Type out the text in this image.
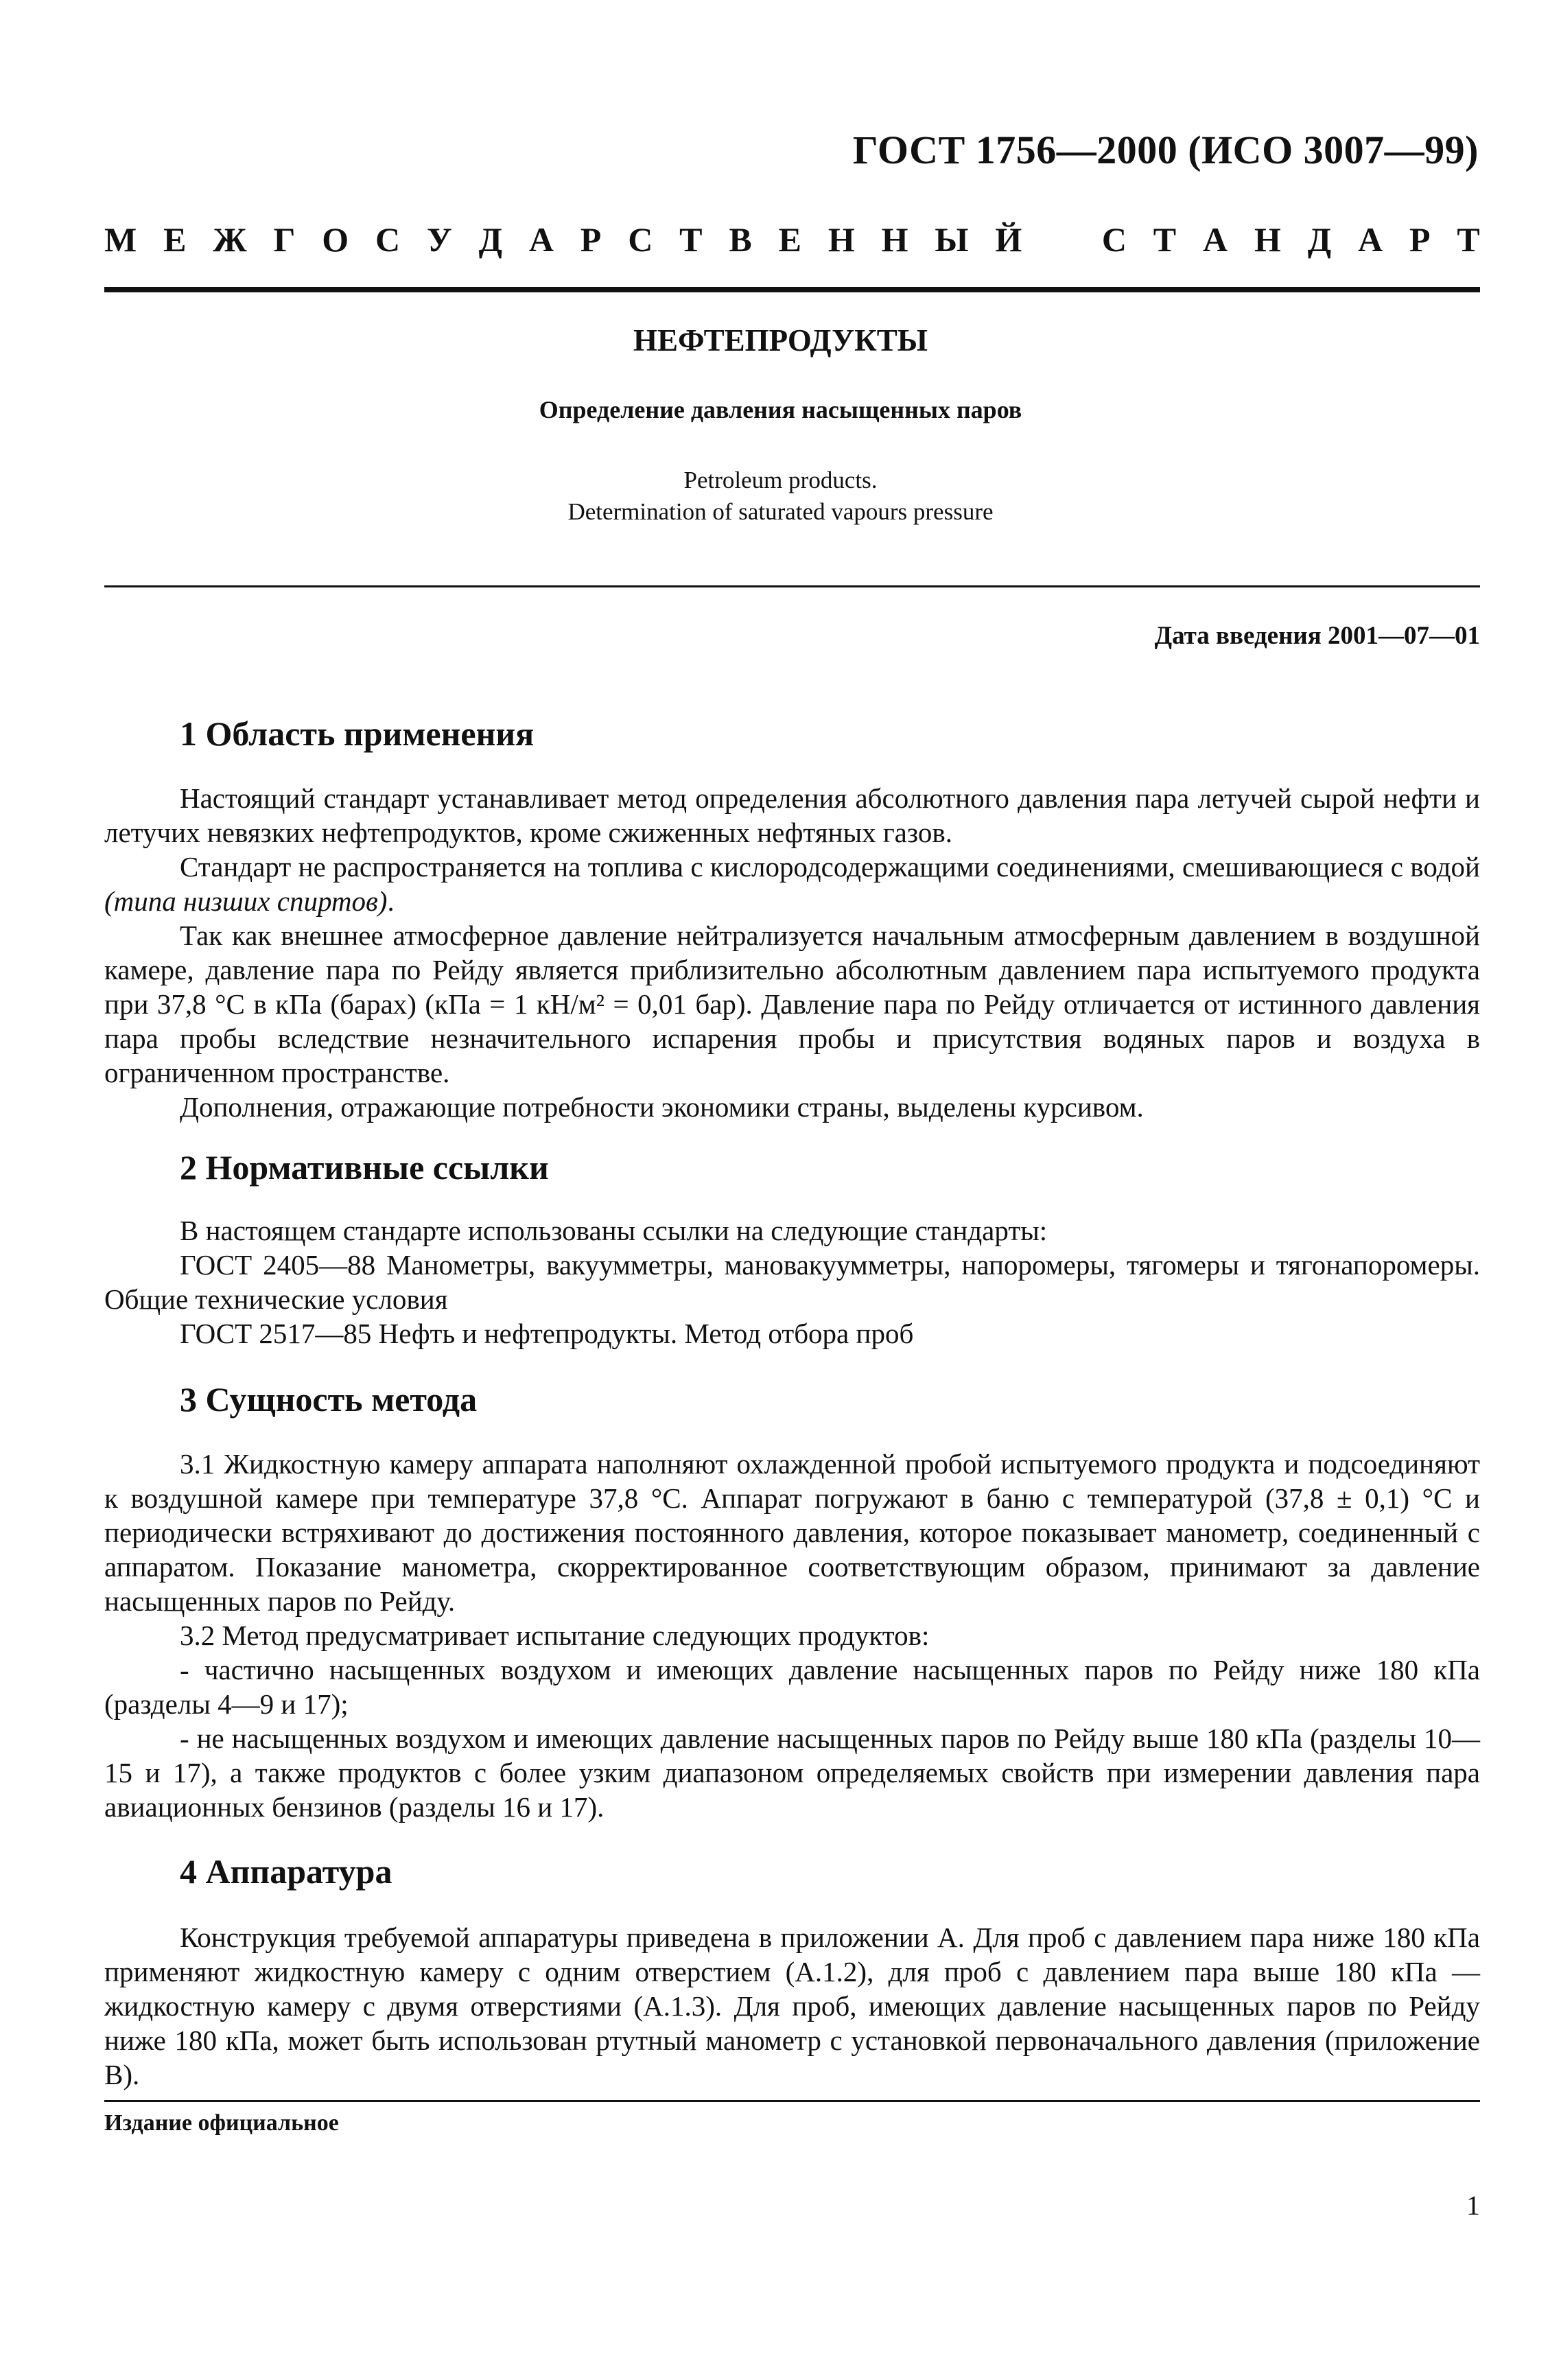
ГОСТ 1756—2000 (ИСО 3007—99)
М Е Ж Г О С У Д А Р С Т В Е Н Н Ы Й С Т А Н Д А Р Т
НЕФТЕПРОДУКТЫ
Определение давления насыщенных паров
Petroleum products.
Determination of saturated vapours pressure
Дата введения 2001—07—01
1 Область применения

Настоящий стандарт устанавливает метод определения абсолютного давления пара летучей сырой нефти и летучих невязких нефтепродуктов, кроме сжиженных нефтяных газов.

Стандарт не распространяется на топлива с кислородсодержащими соединениями, смешивающиеся с водой (типа низших спиртов).

Так как внешнее атмосферное давление нейтрализуется начальным атмосферным давлением в воздушной камере, давление пара по Рейду является приблизительно абсолютным давлением пара испытуемого продукта при 37,8 °C в кПа (барах) (кПа = 1 кН/м² = 0,01 бар). Давление пара по Рейду отличается от истинного давления пара пробы вследствие незначительного испарения пробы и присутствия водяных паров и воздуха в ограниченном пространстве.

Дополнения, отражающие потребности экономики страны, выделены курсивом.

2 Нормативные ссылки

В настоящем стандарте использованы ссылки на следующие стандарты:

ГОСТ 2405—88 Манометры, вакуумметры, мановакуумметры, напоромеры, тягомеры и тягонапоромеры. Общие технические условия

ГОСТ 2517—85 Нефть и нефтепродукты. Метод отбора проб

3 Сущность метода

3.1 Жидкостную камеру аппарата наполняют охлажденной пробой испытуемого продукта и подсоединяют к воздушной камере при температуре 37,8 °C. Аппарат погружают в баню с температурой (37,8 ± 0,1) °C и периодически встряхивают до достижения постоянного давления, которое показывает манометр, соединенный с аппаратом. Показание манометра, скорректированное соответствующим образом, принимают за давление насыщенных паров по Рейду.

3.2 Метод предусматривает испытание следующих продуктов:

- частично насыщенных воздухом и имеющих давление насыщенных паров по Рейду ниже 180 кПа (разделы 4—9 и 17);

- не насыщенных воздухом и имеющих давление насыщенных паров по Рейду выше 180 кПа (разделы 10—15 и 17), а также продуктов с более узким диапазоном определяемых свойств при измерении давления пара авиационных бензинов (разделы 16 и 17).

4 Аппаратура

Конструкция требуемой аппаратуры приведена в приложении А. Для проб с давлением пара ниже 180 кПа применяют жидкостную камеру с одним отверстием (А.1.2), для проб с давлением пара выше 180 кПа — жидкостную камеру с двумя отверстиями (А.1.3). Для проб, имеющих давление насыщенных паров по Рейду ниже 180 кПа, может быть использован ртутный манометр с установкой первоначального давления (приложение В).

Издание официальное
1
